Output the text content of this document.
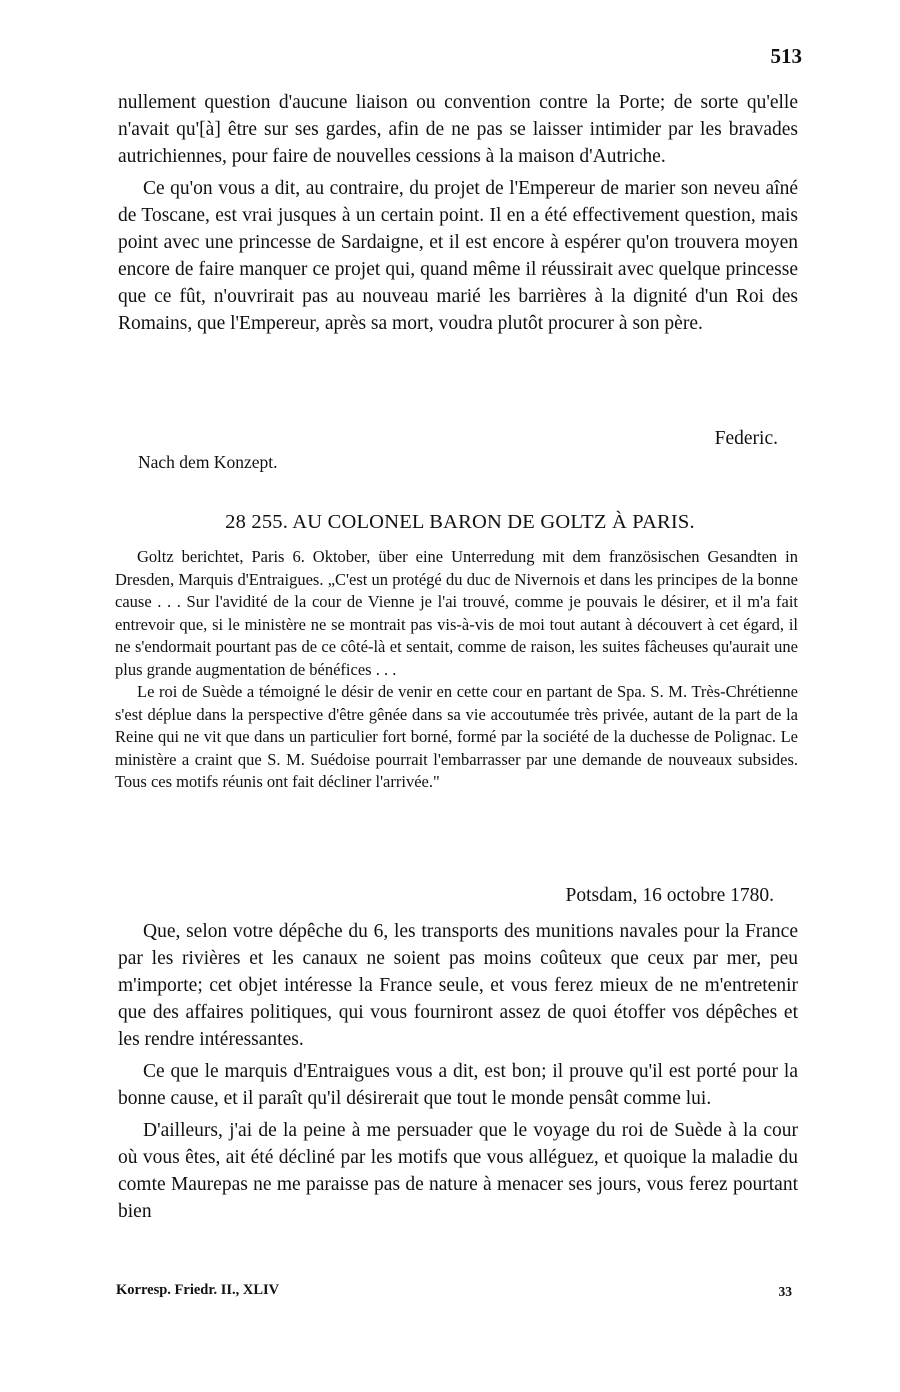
513

nullement question d'aucune liaison ou convention contre la Porte; de sorte qu'elle n'avait qu'[à] être sur ses gardes, afin de ne pas se laisser intimider par les bravades autrichiennes, pour faire de nouvelles cessions à la maison d'Autriche.

Ce qu'on vous a dit, au contraire, du projet de l'Empereur de marier son neveu aîné de Toscane, est vrai jusques à un certain point. Il en a été effectivement question, mais point avec une princesse de Sardaigne, et il est encore à espérer qu'on trouvera moyen encore de faire manquer ce projet qui, quand même il réussirait avec quelque princesse que ce fût, n'ouvrirait pas au nouveau marié les barrières à la dignité d'un Roi des Romains, que l'Empereur, après sa mort, voudra plutôt procurer à son père.

Federic.
Nach dem Konzept.
28 255. AU COLONEL BARON DE GOLTZ À PARIS.

Goltz berichtet, Paris 6. Oktober, über eine Unterredung mit dem französischen Gesandten in Dresden, Marquis d'Entraigues. „C'est un protégé du duc de Nivernois et dans les principes de la bonne cause . . . Sur l'avidité de la cour de Vienne je l'ai trouvé, comme je pouvais le désirer, et il m'a fait entrevoir que, si le ministère ne se montrait pas vis-à-vis de moi tout autant à découvert à cet égard, il ne s'endormait pourtant pas de ce côté-là et sentait, comme de raison, les suites fâcheuses qu'aurait une plus grande augmentation de bénéfices . . .

Le roi de Suède a témoigné le désir de venir en cette cour en partant de Spa. S. M. Très-Chrétienne s'est déplue dans la perspective d'être gênée dans sa vie accoutumée très privée, autant de la part de la Reine qui ne vit que dans un particulier fort borné, formé par la société de la duchesse de Polignac. Le ministère a craint que S. M. Suédoise pourrait l'embarrasser par une demande de nouveaux subsides. Tous ces motifs réunis ont fait décliner l'arrivée."

Potsdam, 16 octobre 1780.

Que, selon votre dépêche du 6, les transports des munitions navales pour la France par les rivières et les canaux ne soient pas moins coûteux que ceux par mer, peu m'importe; cet objet intéresse la France seule, et vous ferez mieux de ne m'entretenir que des affaires politiques, qui vous fourniront assez de quoi étoffer vos dépêches et les rendre intéressantes.

Ce que le marquis d'Entraigues vous a dit, est bon; il prouve qu'il est porté pour la bonne cause, et il paraît qu'il désirerait que tout le monde pensât comme lui.

D'ailleurs, j'ai de la peine à me persuader que le voyage du roi de Suède à la cour où vous êtes, ait été décliné par les motifs que vous alléguez, et quoique la maladie du comte Maurepas ne me paraisse pas de nature à menacer ses jours, vous ferez pourtant bien

Korresp. Friedr. II., XLIV	33
